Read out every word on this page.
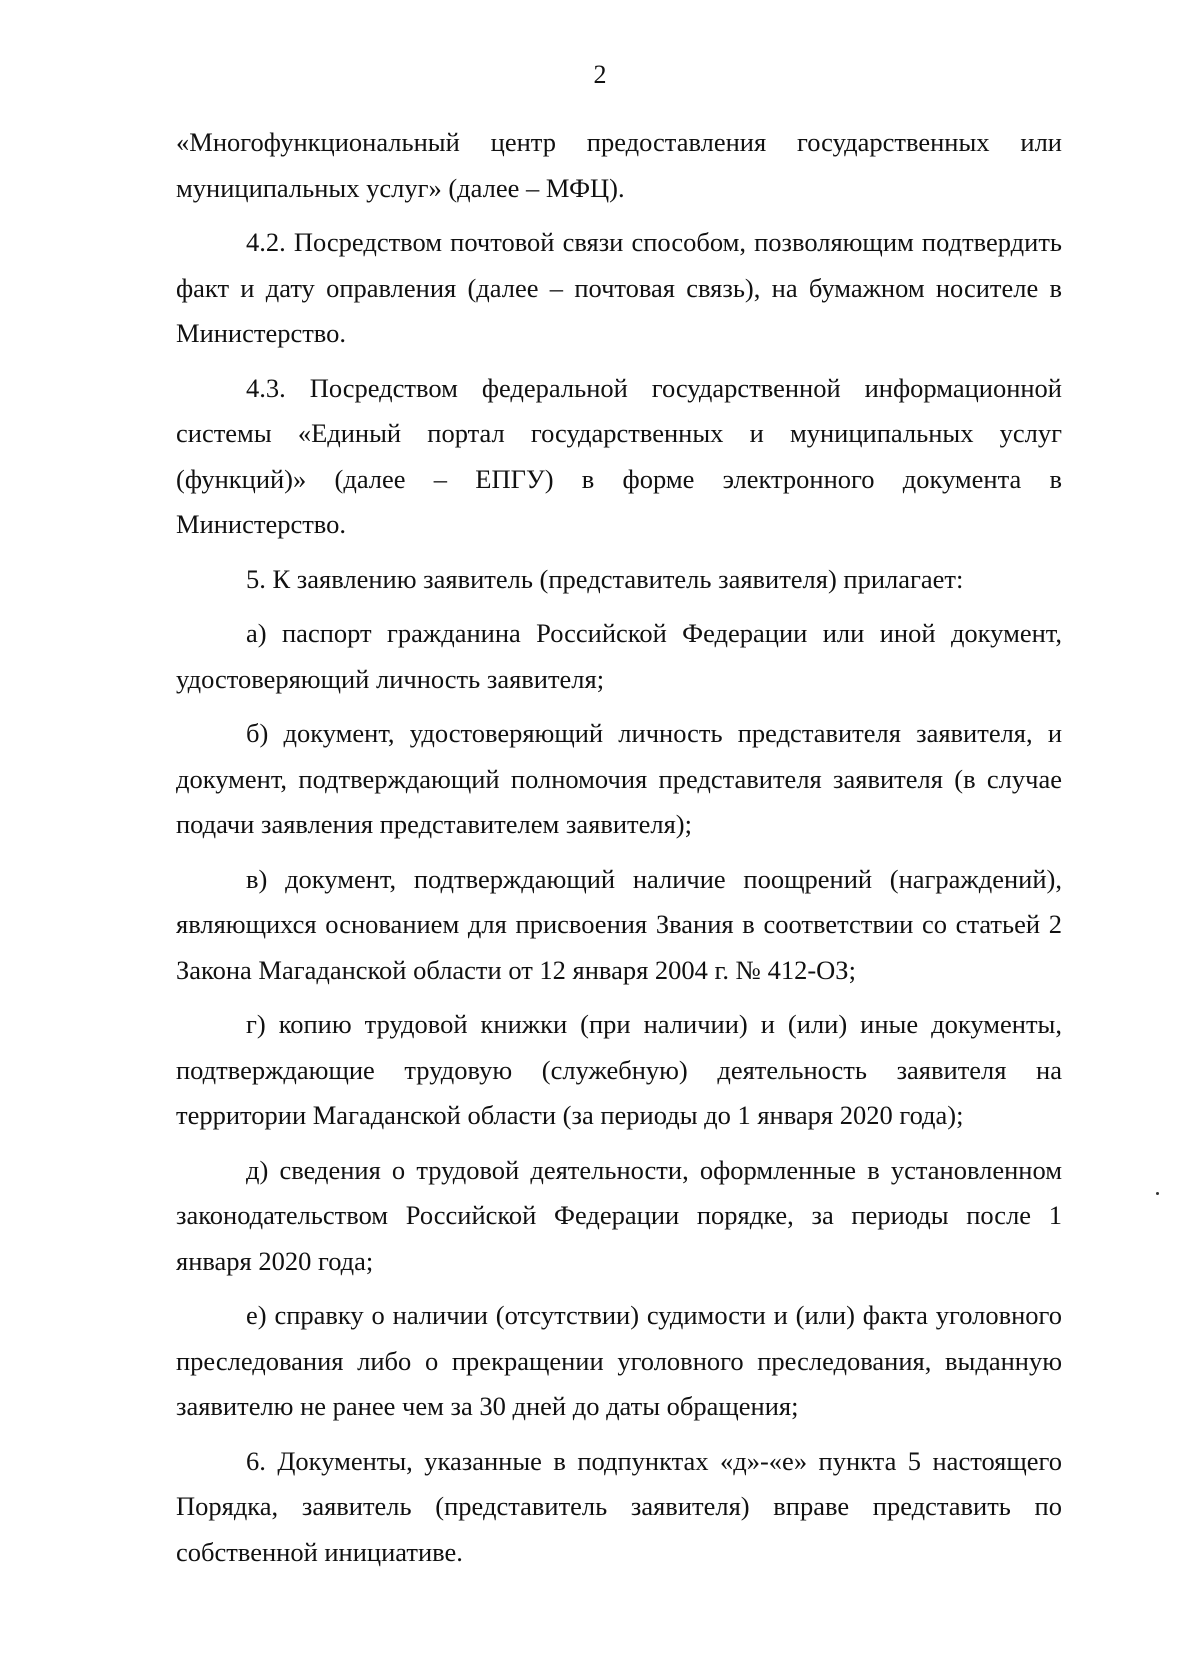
2

«Многофункциональный центр предоставления государственных или муниципальных услуг» (далее – МФЦ).

4.2. Посредством почтовой связи способом, позволяющим подтвердить факт и дату оправления (далее – почтовая связь), на бумажном носителе в Министерство.

4.3. Посредством федеральной государственной информационной системы «Единый портал государственных и муниципальных услуг (функций)» (далее – ЕПГУ) в форме электронного документа в Министерство.

5. К заявлению заявитель (представитель заявителя) прилагает:

а) паспорт гражданина Российской Федерации или иной документ, удостоверяющий личность заявителя;

б) документ, удостоверяющий личность представителя заявителя, и документ, подтверждающий полномочия представителя заявителя (в случае подачи заявления представителем заявителя);

в) документ, подтверждающий наличие поощрений (награждений), являющихся основанием для присвоения Звания в соответствии со статьей 2 Закона Магаданской области от 12 января 2004 г. № 412-ОЗ;

г) копию трудовой книжки (при наличии) и (или) иные документы, подтверждающие трудовую (служебную) деятельность заявителя на территории Магаданской области (за периоды до 1 января 2020 года);

д) сведения о трудовой деятельности, оформленные в установленном законодательством Российской Федерации порядке, за периоды после 1 января 2020 года;

е) справку о наличии (отсутствии) судимости и (или) факта уголовного преследования либо о прекращении уголовного преследования, выданную заявителю не ранее чем за 30 дней до даты обращения;

6. Документы, указанные в подпунктах «д»-«е» пункта 5 настоящего Порядка, заявитель (представитель заявителя) вправе представить по собственной инициативе.
